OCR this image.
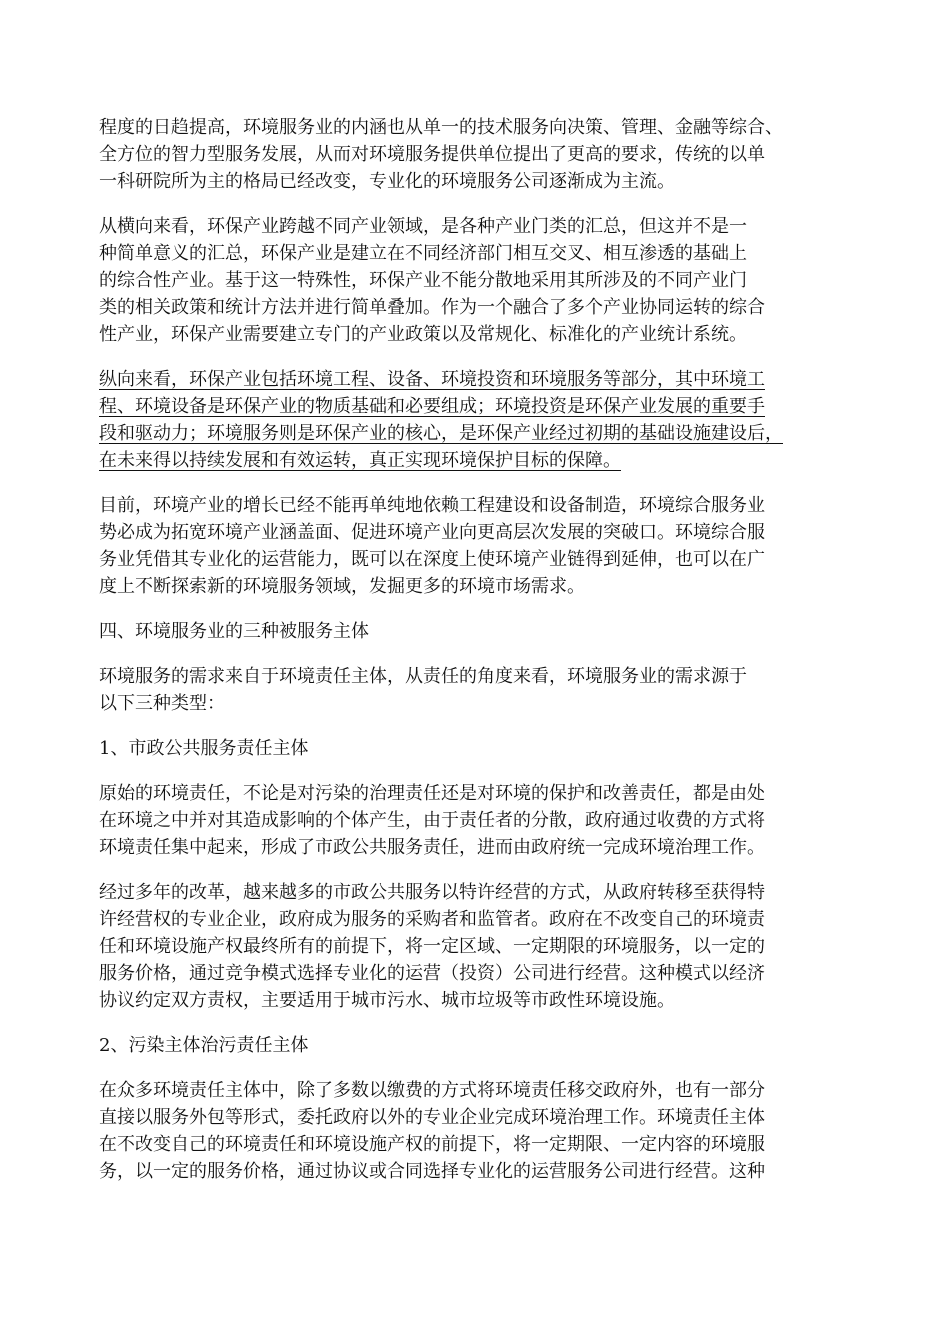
程度的日趋提高，环境服务业的内涵也从单一的技术服务向决策、管理、金融等综合、
全方位的智力型服务发展，从而对环境服务提供单位提出了更高的要求，传统的以单
一科研院所为主的格局已经改变，专业化的环境服务公司逐渐成为主流。

从横向来看，环保产业跨越不同产业领域，是各种产业门类的汇总，但这并不是一
种简单意义的汇总，环保产业是建立在不同经济部门相互交叉、相互渗透的基础上
的综合性产业。基于这一特殊性，环保产业不能分散地采用其所涉及的不同产业门
类的相关政策和统计方法并进行简单叠加。作为一个融合了多个产业协同运转的综合
性产业，环保产业需要建立专门的产业政策以及常规化、标准化的产业统计系统。

纵向来看，环保产业包括环境工程、设备、环境投资和环境服务等部分，其中环境工
程、环境设备是环保产业的物质基础和必要组成；环境投资是环保产业发展的重要手
段和驱动力；环境服务则是环保产业的核心，是环保产业经过初期的基础设施建设后，
在未来得以持续发展和有效运转，真正实现环境保护目标的保障。

目前，环境产业的增长已经不能再单纯地依赖工程建设和设备制造，环境综合服务业
势必成为拓宽环境产业涵盖面、促进环境产业向更高层次发展的突破口。环境综合服
务业凭借其专业化的运营能力，既可以在深度上使环境产业链得到延伸，也可以在广
度上不断探索新的环境服务领域，发掘更多的环境市场需求。

四、环境服务业的三种被服务主体

环境服务的需求来自于环境责任主体，从责任的角度来看，环境服务业的需求源于
以下三种类型：

1、市政公共服务责任主体

原始的环境责任，不论是对污染的治理责任还是对环境的保护和改善责任，都是由处
在环境之中并对其造成影响的个体产生，由于责任者的分散，政府通过收费的方式将
环境责任集中起来，形成了市政公共服务责任，进而由政府统一完成环境治理工作。

经过多年的改革，越来越多的市政公共服务以特许经营的方式，从政府转移至获得特
许经营权的专业企业，政府成为服务的采购者和监管者。政府在不改变自己的环境责
任和环境设施产权最终所有的前提下，将一定区域、一定期限的环境服务，以一定的
服务价格，通过竞争模式选择专业化的运营（投资）公司进行经营。这种模式以经济
协议约定双方责权，主要适用于城市污水、城市垃圾等市政性环境设施。

2、污染主体治污责任主体

在众多环境责任主体中，除了多数以缴费的方式将环境责任移交政府外，也有一部分
直接以服务外包等形式，委托政府以外的专业企业完成环境治理工作。环境责任主体
在不改变自己的环境责任和环境设施产权的前提下，将一定期限、一定内容的环境服
务，以一定的服务价格，通过协议或合同选择专业化的运营服务公司进行经营。这种
